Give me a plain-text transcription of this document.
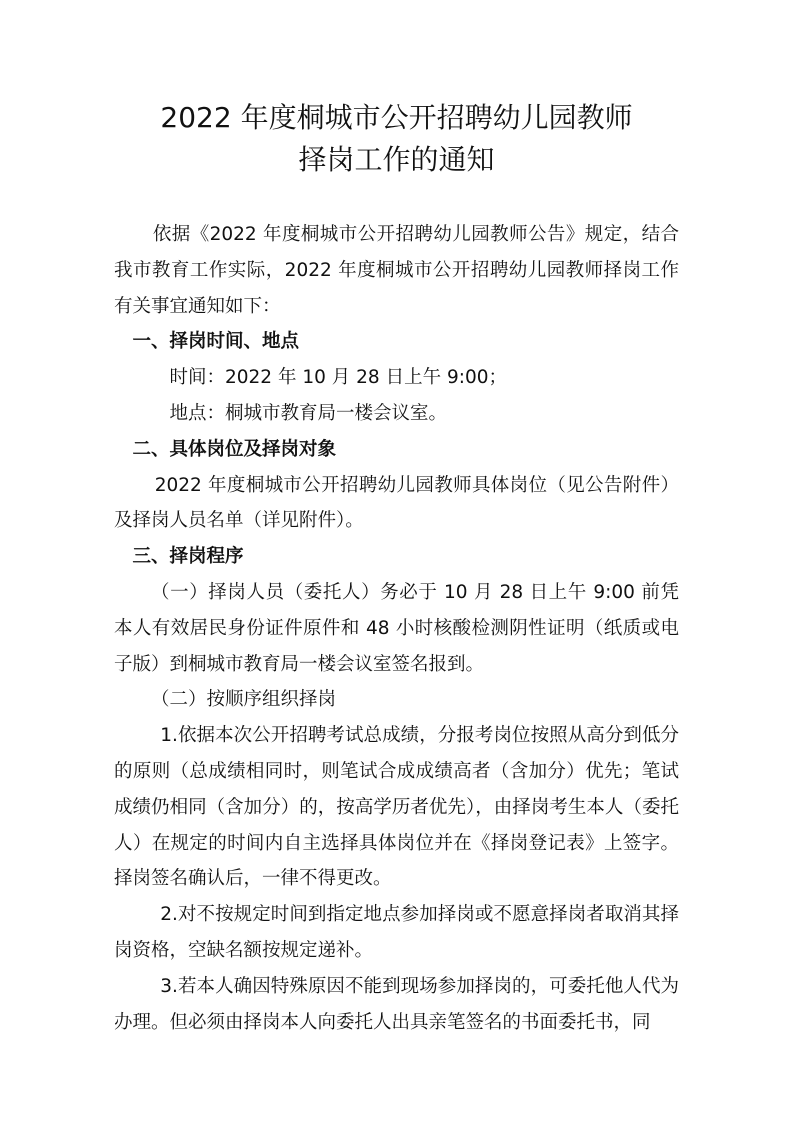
2022 年度桐城市公开招聘幼儿园教师
择岗工作的通知

依据《2022 年度桐城市公开招聘幼儿园教师公告》规定，结合我市教育工作实际，2022 年度桐城市公开招聘幼儿园教师择岗工作有关事宜通知如下：

一、择岗时间、地点

时间：2022 年 10 月 28 日上午 9:00；

地点：桐城市教育局一楼会议室。

二、具体岗位及择岗对象

2022 年度桐城市公开招聘幼儿园教师具体岗位（见公告附件）及择岗人员名单（详见附件）。

三、择岗程序

（一）择岗人员（委托人）务必于 10 月 28 日上午 9:00 前凭本人有效居民身份证件原件和 48 小时核酸检测阴性证明（纸质或电子版）到桐城市教育局一楼会议室签名报到。

（二）按顺序组织择岗

1.依据本次公开招聘考试总成绩，分报考岗位按照从高分到低分的原则（总成绩相同时，则笔试合成成绩高者（含加分）优先；笔试成绩仍相同（含加分）的，按高学历者优先），由择岗考生本人（委托人）在规定的时间内自主选择具体岗位并在《择岗登记表》上签字。择岗签名确认后，一律不得更改。

2.对不按规定时间到指定地点参加择岗或不愿意择岗者取消其择岗资格，空缺名额按规定递补。

3.若本人确因特殊原因不能到现场参加择岗的，可委托他人代为办理。但必须由择岗本人向委托人出具亲笔签名的书面委托书，同
